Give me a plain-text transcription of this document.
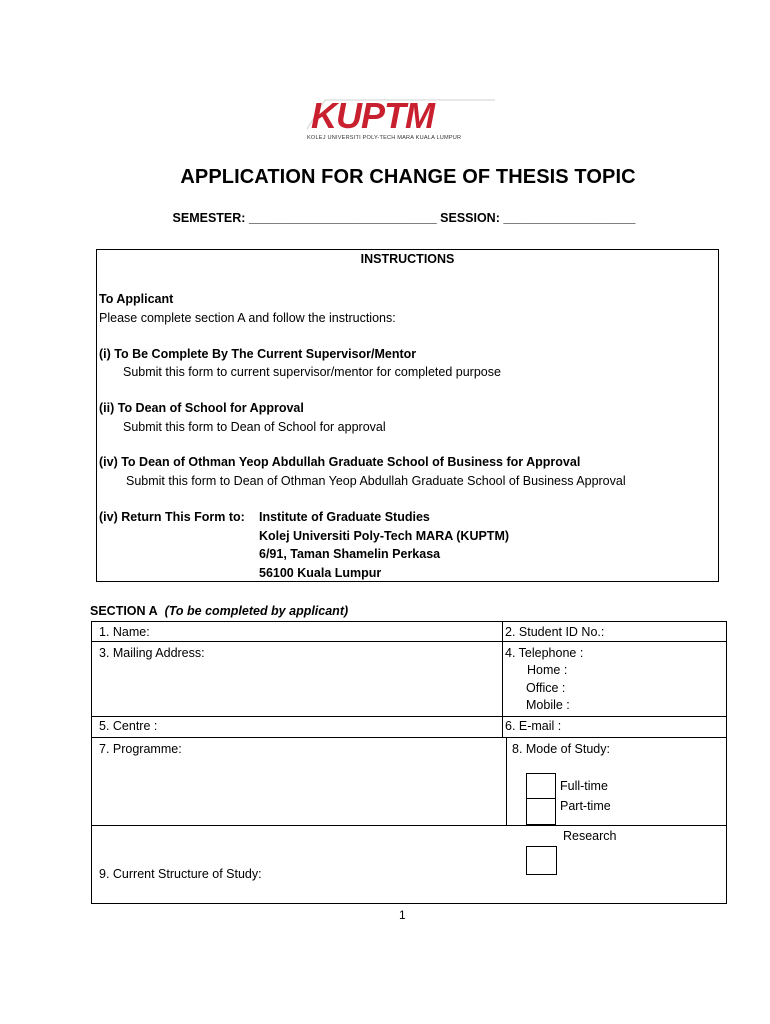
KUPTM
KOLEJ UNIVERSITI POLY-TECH MARA KUALA LUMPUR
APPLICATION FOR CHANGE OF THESIS TOPIC
SEMESTER: ___________________________ SESSION: ___________________
INSTRUCTIONS
To Applicant
Please complete section A and follow the instructions:
(i) To Be Complete By The Current Supervisor/Mentor
Submit this form to current supervisor/mentor for completed purpose
(ii) To Dean of School for Approval
Submit this form to Dean of School for approval
(iv) To Dean of Othman Yeop Abdullah Graduate School of Business for Approval
Submit this form to Dean of Othman Yeop Abdullah Graduate School of Business Approval
(iv) Return This Form to: Institute of Graduate Studies
Kolej Universiti Poly-Tech MARA (KUPTM)
6/91, Taman Shamelin Perkasa
56100 Kuala Lumpur
SECTION A (To be completed by applicant)
1. Name:	2. Student ID No.:
3. Mailing Address:	4. Telephone :
Home :
Office :
Mobile :
5. Centre :	6. E-mail :
7. Programme:	8. Mode of Study:
Full-time
Part-time
Research
9. Current Structure of Study:
1
